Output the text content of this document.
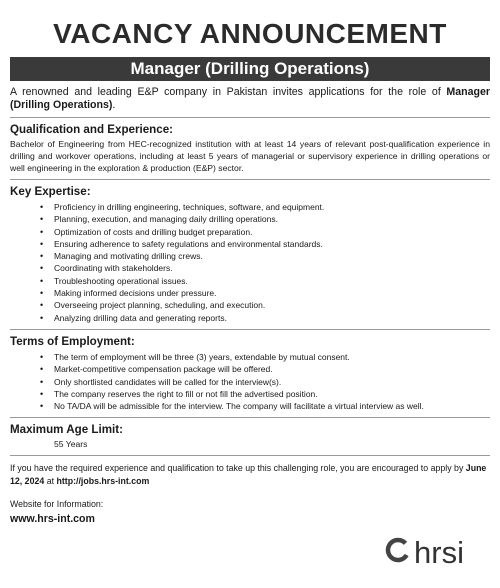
VACANCY ANNOUNCEMENT
Manager (Drilling Operations)
A renowned and leading E&P company in Pakistan invites applications for the role of Manager (Drilling Operations).
Qualification and Experience:
Bachelor of Engineering from HEC-recognized institution with at least 14 years of relevant post-qualification experience in drilling and workover operations, including at least 5 years of managerial or supervisory experience in drilling operations or well engineering in the exploration & production (E&P) sector.
Key Expertise:
• Proficiency in drilling engineering, techniques, software, and equipment.
• Planning, execution, and managing daily drilling operations.
• Optimization of costs and drilling budget preparation.
• Ensuring adherence to safety regulations and environmental standards.
• Managing and motivating drilling crews.
• Coordinating with stakeholders.
• Troubleshooting operational issues.
• Making informed decisions under pressure.
• Overseeing project planning, scheduling, and execution.
• Analyzing drilling data and generating reports.
Terms of Employment:
• The term of employment will be three (3) years, extendable by mutual consent.
• Market-competitive compensation package will be offered.
• Only shortlisted candidates will be called for the interview(s).
• The company reserves the right to fill or not fill the advertised position.
• No TA/DA will be admissible for the interview. The company will facilitate a virtual interview as well.
Maximum Age Limit:
55 Years
If you have the required experience and qualification to take up this challenging role, you are encouraged to apply by June 12, 2024 at http://jobs.hrs-int.com
Website for Information:
www.hrs-int.com
hrsi
